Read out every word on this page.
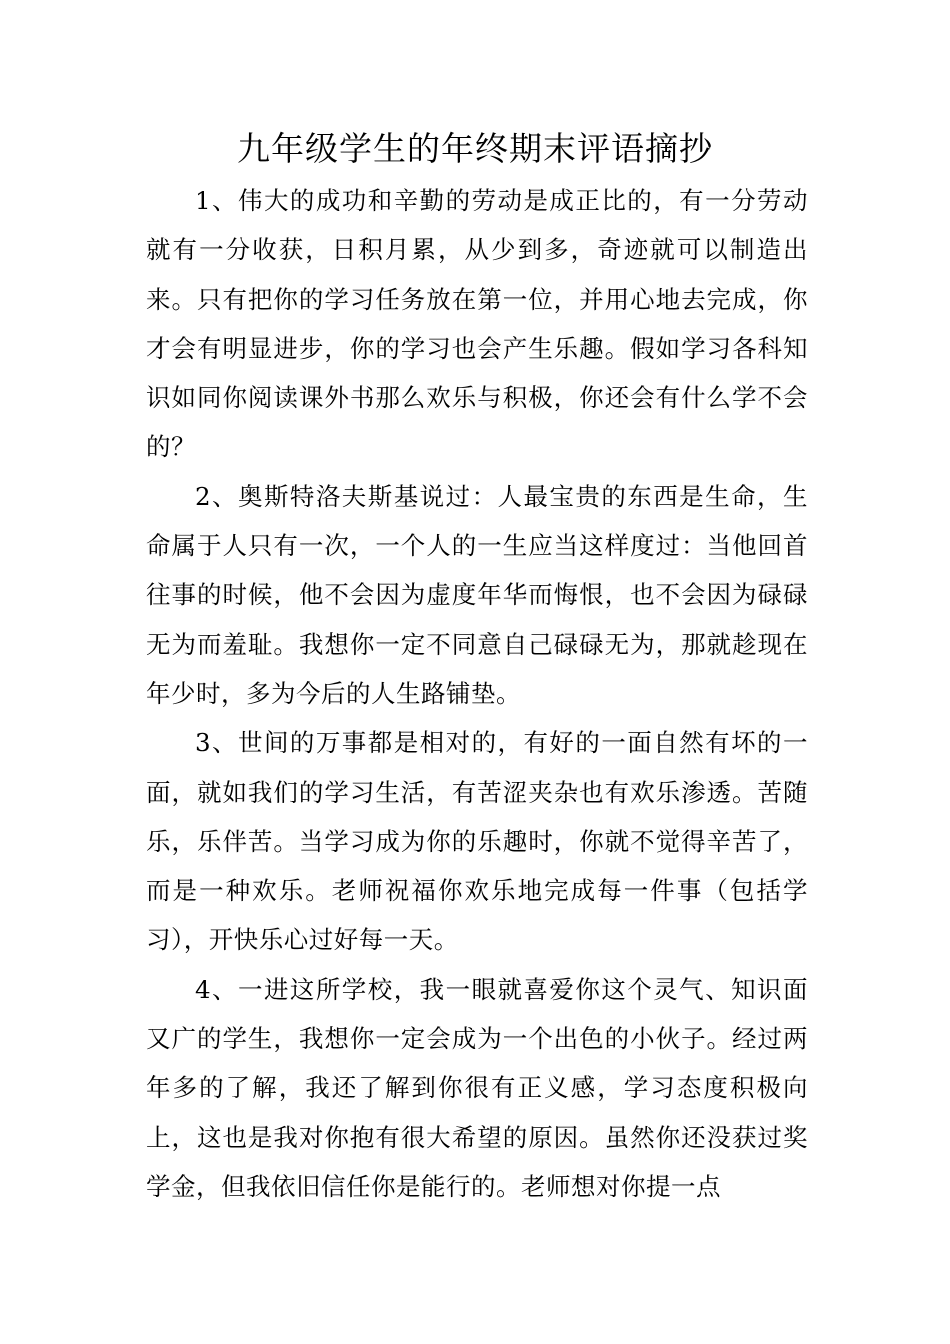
九年级学生的年终期末评语摘抄

1、伟大的成功和辛勤的劳动是成正比的，有一分劳动就有一分收获，日积月累，从少到多，奇迹就可以制造出来。只有把你的学习任务放在第一位，并用心地去完成，你才会有明显进步，你的学习也会产生乐趣。假如学习各科知识如同你阅读课外书那么欢乐与积极，你还会有什么学不会的？

2、奥斯特洛夫斯基说过：人最宝贵的东西是生命，生命属于人只有一次，一个人的一生应当这样度过：当他回首往事的时候，他不会因为虚度年华而悔恨，也不会因为碌碌无为而羞耻。我想你一定不同意自己碌碌无为，那就趁现在年少时，多为今后的人生路铺垫。

3、世间的万事都是相对的，有好的一面自然有坏的一面，就如我们的学习生活，有苦涩夹杂也有欢乐渗透。苦随乐，乐伴苦。当学习成为你的乐趣时，你就不觉得辛苦了，而是一种欢乐。老师祝福你欢乐地完成每一件事（包括学习），开快乐心过好每一天。

4、一进这所学校，我一眼就喜爱你这个灵气、知识面又广的学生，我想你一定会成为一个出色的小伙子。经过两年多的了解，我还了解到你很有正义感，学习态度积极向上，这也是我对你抱有很大希望的原因。虽然你还没获过奖学金，但我依旧信任你是能行的。老师想对你提一点
